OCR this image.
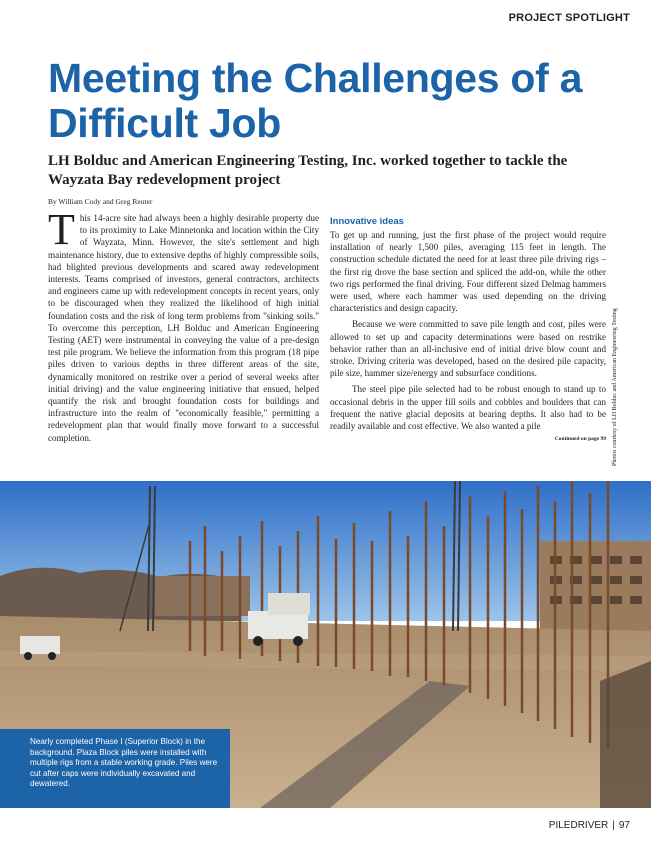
PROJECT SPOTLIGHT
Meeting the Challenges of a Difficult Job
LH Bolduc and American Engineering Testing, Inc. worked together to tackle the Wayzata Bay redevelopment project
By William Cody and Greg Reuter
T his 14-acre site had always been a highly desirable property due to its proximity to Lake Minnetonka and location within the City of Wayzata, Minn. However, the site's settlement and high maintenance history, due to extensive depths of highly compressible soils, had blighted previous developments and scared away redevelopment interests. Teams comprised of investors, general contractors, architects and engineers came up with redevelopment concepts in recent years, only to be discouraged when they realized the likelihood of high initial foundation costs and the risk of long term problems from "sinking soils." To overcome this perception, LH Bolduc and American Engineering Testing (AET) were instrumental in conveying the value of a pre-design test pile program. We believe the information from this program (18 pipe piles driven to various depths in three different areas of the site, dynamically monitored on restrike over a period of several weeks after initial driving) and the value engineering initiative that ensued, helped quantify the risk and brought foundation costs for buildings and infrastructure into the realm of "economically feasible," permitting a redevelopment plan that would finally move forward to a successful completion.

Innovative ideas

To get up and running, just the first phase of the project would require installation of nearly 1,500 piles, averaging 115 feet in length. The construction schedule dictated the need for at least three pile driving rigs – the first rig drove the base section and spliced the add-on, while the other two rigs performed the final driving. Four different sized Delmag hammers were used, where each hammer was used depending on the driving characteristics and design capacity.

Because we were committed to save pile length and cost, piles were allowed to set up and capacity determinations were based on restrike behavior rather than an all-inclusive end of initial drive blow count and stroke. Driving criteria was developed, based on the desired pile capacity, pile size, hammer size/energy and subsurface conditions.

The steel pipe pile selected had to be robust enough to stand up to occasional debris in the upper fill soils and cobbles and boulders that can frequent the native glacial deposits at bearing depths. It also had to be readily available and cost effective. We also wanted a pile

Continued on page 99 Photos courtesy of LH Bolduc and American Engineering Testing
Nearly completed Phase I (Superior Block) in the background. Plaza Block piles were installed with multiple rigs from a stable working grade. Piles were cut after caps were individually excavated and dewatered.
PILEDRIVER | 97
